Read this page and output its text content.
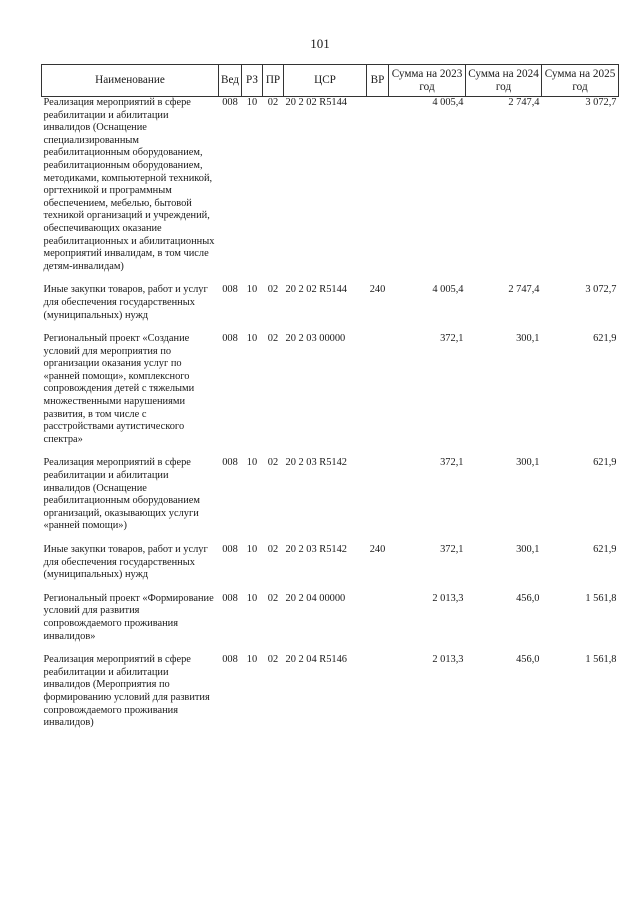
101
Наименование	Вед	РЗ	ПР	ЦСР	ВР	Сумма на 2023 год	Сумма на 2024 год	Сумма на 2025 год
Реализация мероприятий в сфере реабилитации и абилитации инвалидов (Оснащение специализированным реабилитационным оборудованием, реабилитационным оборудованием, методиками, компьютерной техникой, оргтехникой и программным обеспечением, мебелью, бытовой техникой организаций и учреждений, обеспечивающих оказание реабилитационных и абилитационных мероприятий инвалидам, в том числе детям-инвалидам)	008	10	02	20 2 02 R5144		4 005,4	2 747,4	3 072,7
Иные закупки товаров, работ и услуг для обеспечения государственных (муниципальных) нужд	008	10	02	20 2 02 R5144	240	4 005,4	2 747,4	3 072,7
Региональный проект «Создание условий для мероприятия по организации оказания услуг по «ранней помощи», комплексного сопровождения детей с тяжелыми множественными нарушениями развития, в том числе с расстройствами аутистического спектра»	008	10	02	20 2 03 00000		372,1	300,1	621,9
Реализация мероприятий в сфере реабилитации и абилитации инвалидов (Оснащение реабилитационным оборудованием организаций, оказывающих услуги «ранней помощи»)	008	10	02	20 2 03 R5142		372,1	300,1	621,9
Иные закупки товаров, работ и услуг для обеспечения государственных (муниципальных) нужд	008	10	02	20 2 03 R5142	240	372,1	300,1	621,9
Региональный проект «Формирование условий для развития сопровождаемого проживания инвалидов»	008	10	02	20 2 04 00000		2 013,3	456,0	1 561,8
Реализация мероприятий в сфере реабилитации и абилитации инвалидов (Мероприятия по формированию условий для развития сопровождаемого проживания инвалидов)	008	10	02	20 2 04 R5146		2 013,3	456,0	1 561,8
